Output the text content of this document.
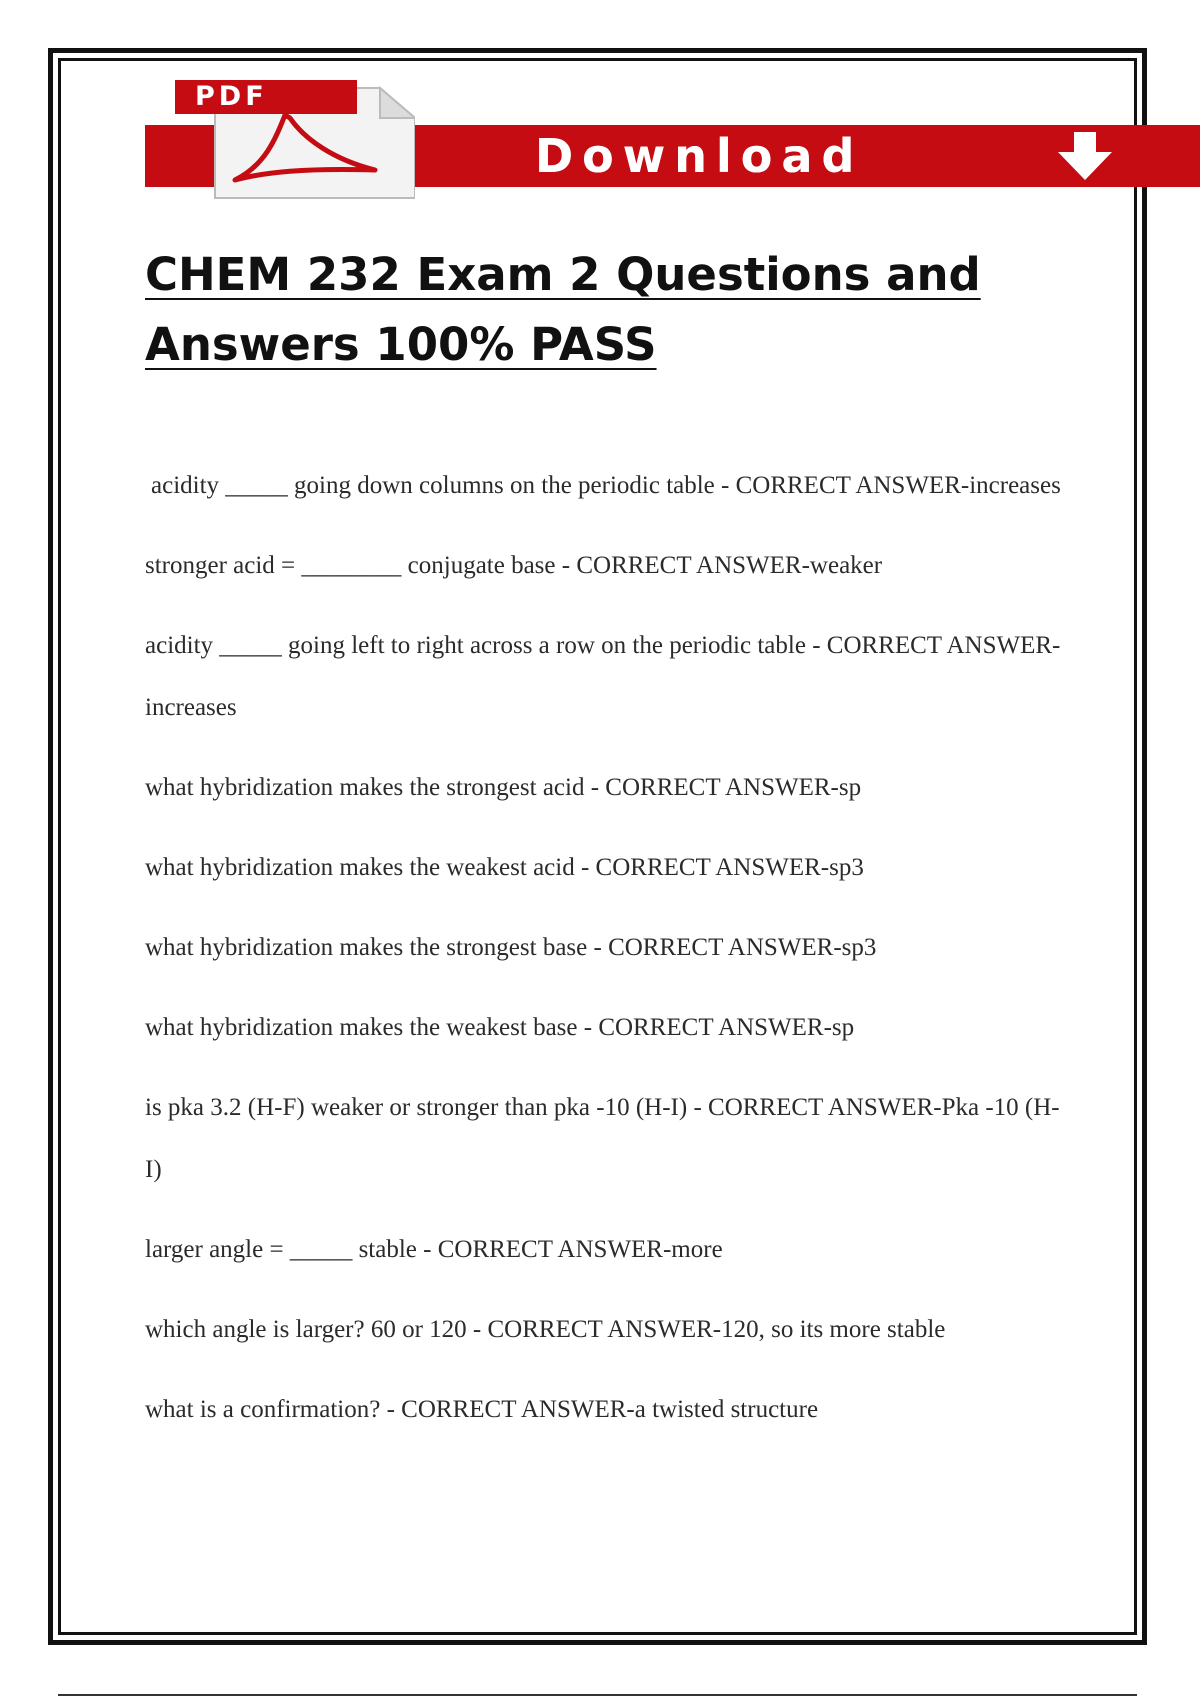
PDF
Download
CHEM 232 Exam 2 Questions and
Answers 100% PASS
acidity _____ going down columns on the periodic table - CORRECT ANSWER-increases
stronger acid = ________ conjugate base - CORRECT ANSWER-weaker
acidity _____ going left to right across a row on the periodic table - CORRECT ANSWER-increases
what hybridization makes the strongest acid - CORRECT ANSWER-sp
what hybridization makes the weakest acid - CORRECT ANSWER-sp3
what hybridization makes the strongest base - CORRECT ANSWER-sp3
what hybridization makes the weakest base - CORRECT ANSWER-sp
is pka 3.2 (H-F) weaker or stronger than pka -10 (H-I) - CORRECT ANSWER-Pka -10 (H-I)
larger angle = _____ stable - CORRECT ANSWER-more
which angle is larger? 60 or 120 - CORRECT ANSWER-120, so its more stable
what is a confirmation? - CORRECT ANSWER-a twisted structure
